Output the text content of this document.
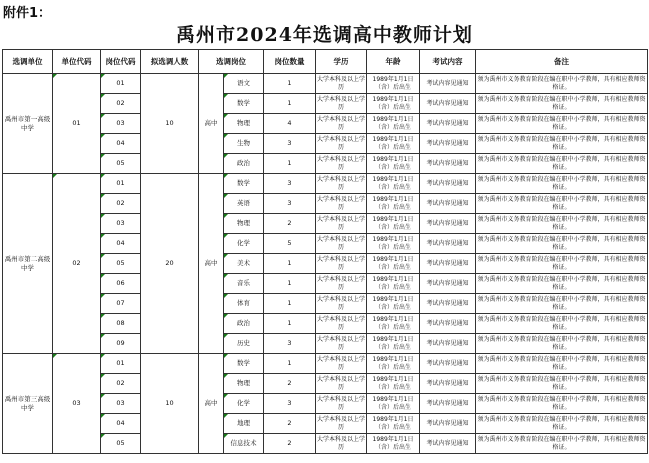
附件1：
禹州市2024年选调高中教师计划
选调单位	单位代码	岗位代码	拟选调人数	选调岗位		岗位数量	学历	年龄	考试内容	备注
禹州市第一高级中学	01	01	10	高中	语文	1	大学本科及以上学历	1989年1月1日（含）后出生	考试内容见通知	须为禹州市义务教育阶段在编在职中小学教师，具有相应教师资格证。
		02			数学	1	大学本科及以上学历	1989年1月1日（含）后出生	考试内容见通知	须为禹州市义务教育阶段在编在职中小学教师，具有相应教师资格证。
		03			物理	4	大学本科及以上学历	1989年1月1日（含）后出生	考试内容见通知	须为禹州市义务教育阶段在编在职中小学教师，具有相应教师资格证。
		04			生物	3	大学本科及以上学历	1989年1月1日（含）后出生	考试内容见通知	须为禹州市义务教育阶段在编在职中小学教师，具有相应教师资格证。
		05			政治	1	大学本科及以上学历	1989年1月1日（含）后出生	考试内容见通知	须为禹州市义务教育阶段在编在职中小学教师，具有相应教师资格证。
禹州市第二高级中学	02	01	20	高中	数学	3	大学本科及以上学历	1989年1月1日（含）后出生	考试内容见通知	须为禹州市义务教育阶段在编在职中小学教师，具有相应教师资格证。
		02			英语	3	大学本科及以上学历	1989年1月1日（含）后出生	考试内容见通知	须为禹州市义务教育阶段在编在职中小学教师，具有相应教师资格证。
		03			物理	2	大学本科及以上学历	1989年1月1日（含）后出生	考试内容见通知	须为禹州市义务教育阶段在编在职中小学教师，具有相应教师资格证。
		04			化学	5	大学本科及以上学历	1989年1月1日（含）后出生	考试内容见通知	须为禹州市义务教育阶段在编在职中小学教师，具有相应教师资格证。
		05			美术	1	大学本科及以上学历	1989年1月1日（含）后出生	考试内容见通知	须为禹州市义务教育阶段在编在职中小学教师，具有相应教师资格证。
		06			音乐	1	大学本科及以上学历	1989年1月1日（含）后出生	考试内容见通知	须为禹州市义务教育阶段在编在职中小学教师，具有相应教师资格证。
		07			体育	1	大学本科及以上学历	1989年1月1日（含）后出生	考试内容见通知	须为禹州市义务教育阶段在编在职中小学教师，具有相应教师资格证。
		08			政治	1	大学本科及以上学历	1989年1月1日（含）后出生	考试内容见通知	须为禹州市义务教育阶段在编在职中小学教师，具有相应教师资格证。
		09			历史	3	大学本科及以上学历	1989年1月1日（含）后出生	考试内容见通知	须为禹州市义务教育阶段在编在职中小学教师，具有相应教师资格证。
禹州市第三高级中学	03	01	10	高中	数学	1	大学本科及以上学历	1989年1月1日（含）后出生	考试内容见通知	须为禹州市义务教育阶段在编在职中小学教师，具有相应教师资格证。
		02			物理	2	大学本科及以上学历	1989年1月1日（含）后出生	考试内容见通知	须为禹州市义务教育阶段在编在职中小学教师，具有相应教师资格证。
		03			化学	3	大学本科及以上学历	1989年1月1日（含）后出生	考试内容见通知	须为禹州市义务教育阶段在编在职中小学教师，具有相应教师资格证。
		04			地理	2	大学本科及以上学历	1989年1月1日（含）后出生	考试内容见通知	须为禹州市义务教育阶段在编在职中小学教师，具有相应教师资格证。
		05			信息技术	2	大学本科及以上学历	1989年1月1日（含）后出生	考试内容见通知	须为禹州市义务教育阶段在编在职中小学教师，具有相应教师资格证。
